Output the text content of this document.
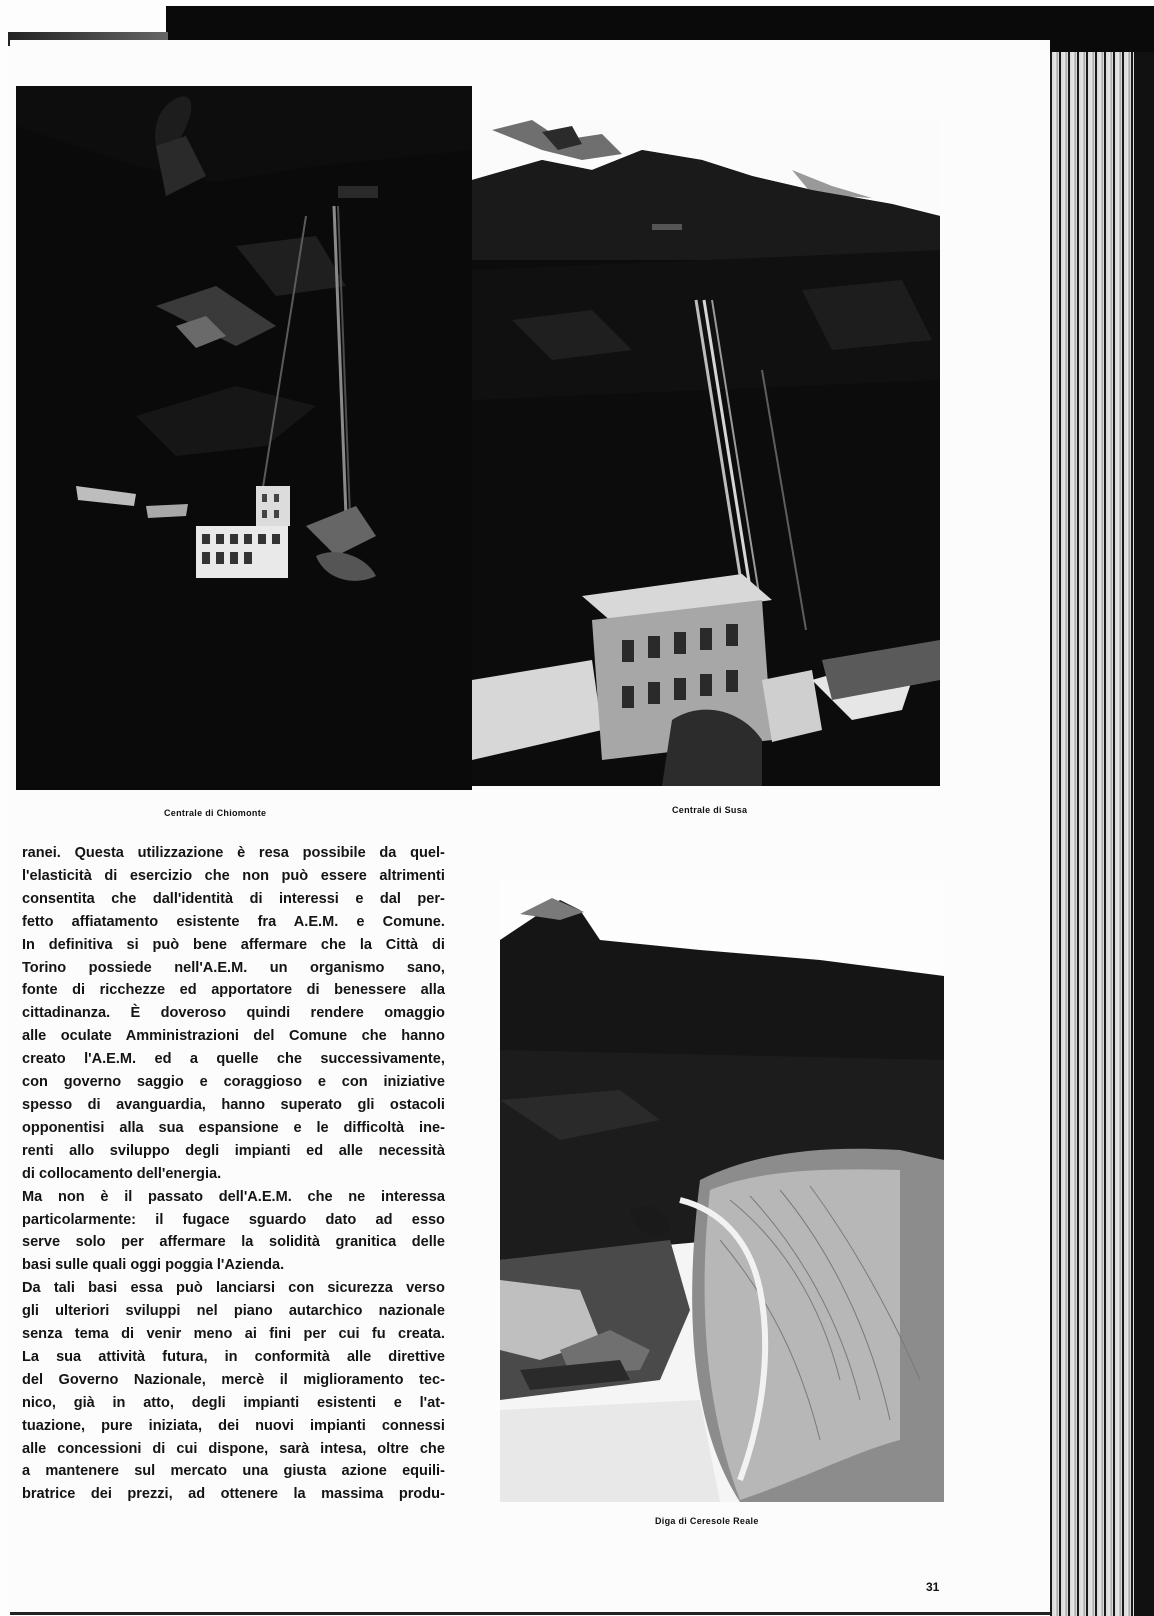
Centrale di Chiomonte	Centrale di Susa
Diga di Ceresole Reale

ranei. Questa utilizzazione è resa possibile da quel-

l'elasticità di esercizio che non può essere altrimenti

consentita che dall'identità di interessi e dal per-

fetto affiatamento esistente fra A.E.M. e Comune.

In definitiva si può bene affermare che la Città di

Torino possiede nell'A.E.M. un organismo sano,

fonte di ricchezze ed apportatore di benessere alla

cittadinanza. È doveroso quindi rendere omaggio

alle oculate Amministrazioni del Comune che hanno

creato l'A.E.M. ed a quelle che successivamente,

con governo saggio e coraggioso e con iniziative

spesso di avanguardia, hanno superato gli ostacoli

opponentisi alla sua espansione e le difficoltà ine-

renti allo sviluppo degli impianti ed alle necessità

di collocamento dell'energia.

Ma non è il passato dell'A.E.M. che ne interessa

particolarmente: il fugace sguardo dato ad esso

serve solo per affermare la solidità granitica delle

basi sulle quali oggi poggia l'Azienda.

Da tali basi essa può lanciarsi con sicurezza verso

gli ulteriori sviluppi nel piano autarchico nazionale

senza tema di venir meno ai fini per cui fu creata.

La sua attività futura, in conformità alle direttive

del Governo Nazionale, mercè il miglioramento tec-

nico, già in atto, degli impianti esistenti e l'at-

tuazione, pure iniziata, dei nuovi impianti connessi

alle concessioni di cui dispone, sarà intesa, oltre che

a mantenere sul mercato una giusta azione equili-

bratrice dei prezzi, ad ottenere la massima produ-

31
